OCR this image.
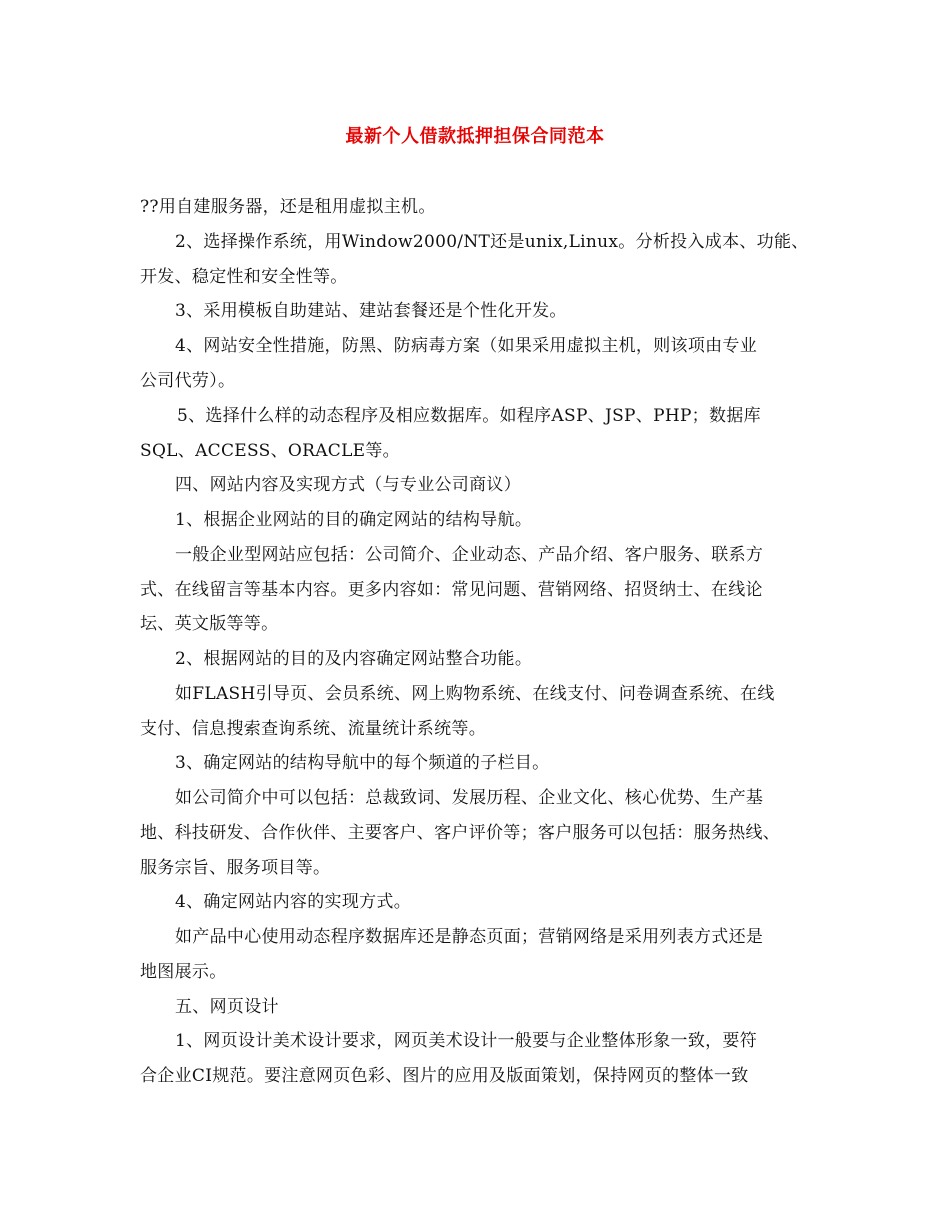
最新个人借款抵押担保合同范本
??用自建服务器，还是租用虚拟主机。
2、选择操作系统，用Window2000/NT还是unix,Linux。分析投入成本、功能、
开发、稳定性和安全性等。
3、采用模板自助建站、建站套餐还是个性化开发。
4、网站安全性措施，防黑、防病毒方案（如果采用虚拟主机，则该项由专业
公司代劳）。
5、选择什么样的动态程序及相应数据库。如程序ASP、JSP、PHP；数据库
SQL、ACCESS、ORACLE等。
四、网站内容及实现方式（与专业公司商议）
1、根据企业网站的目的确定网站的结构导航。
一般企业型网站应包括：公司简介、企业动态、产品介绍、客户服务、联系方
式、在线留言等基本内容。更多内容如：常见问题、营销网络、招贤纳士、在线论
坛、英文版等等。
2、根据网站的目的及内容确定网站整合功能。
如FLASH引导页、会员系统、网上购物系统、在线支付、问卷调查系统、在线
支付、信息搜索查询系统、流量统计系统等。
3、确定网站的结构导航中的每个频道的子栏目。
如公司简介中可以包括：总裁致词、发展历程、企业文化、核心优势、生产基
地、科技研发、合作伙伴、主要客户、客户评价等；客户服务可以包括：服务热线、
服务宗旨、服务项目等。
4、确定网站内容的实现方式。
如产品中心使用动态程序数据库还是静态页面；营销网络是采用列表方式还是
地图展示。
五、网页设计
1、网页设计美术设计要求，网页美术设计一般要与企业整体形象一致，要符
合企业CI规范。要注意网页色彩、图片的应用及版面策划，保持网页的整体一致
